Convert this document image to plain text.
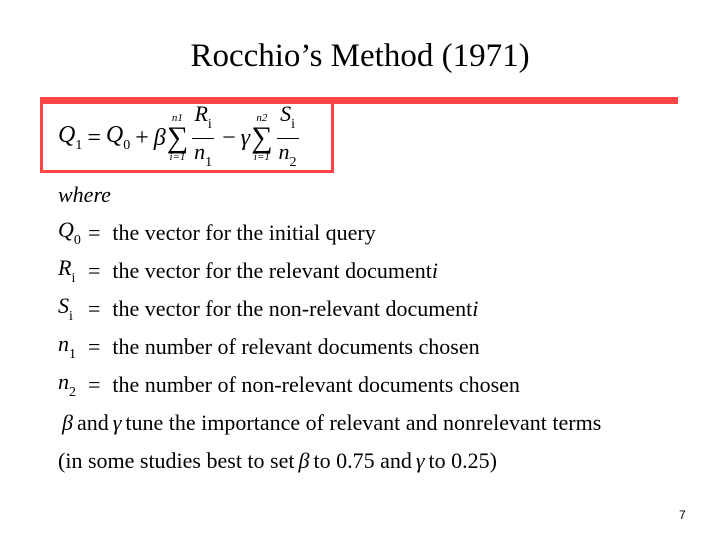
Rocchio’s Method (1971)
$Q_1 = Q_0 + \beta$
n1
∑
$i=1 \frac{R_i}{n_1} - \gamma$
n2
∑
$i=1 \frac{S_i}{n_2}$
where
$Q_0$ = the vector for the initial query
$R_i$ = the vector for the relevant document i
$S_i$ = the vector for the non-relevant document i
$n_1$ = the number of relevant documents chosen
$n_2$ = the number of non-relevant documents chosen
β and γ tune the importance of relevant and nonrelevant terms
(in some studies best to set β to 0.75 and γ to 0.25)
7
